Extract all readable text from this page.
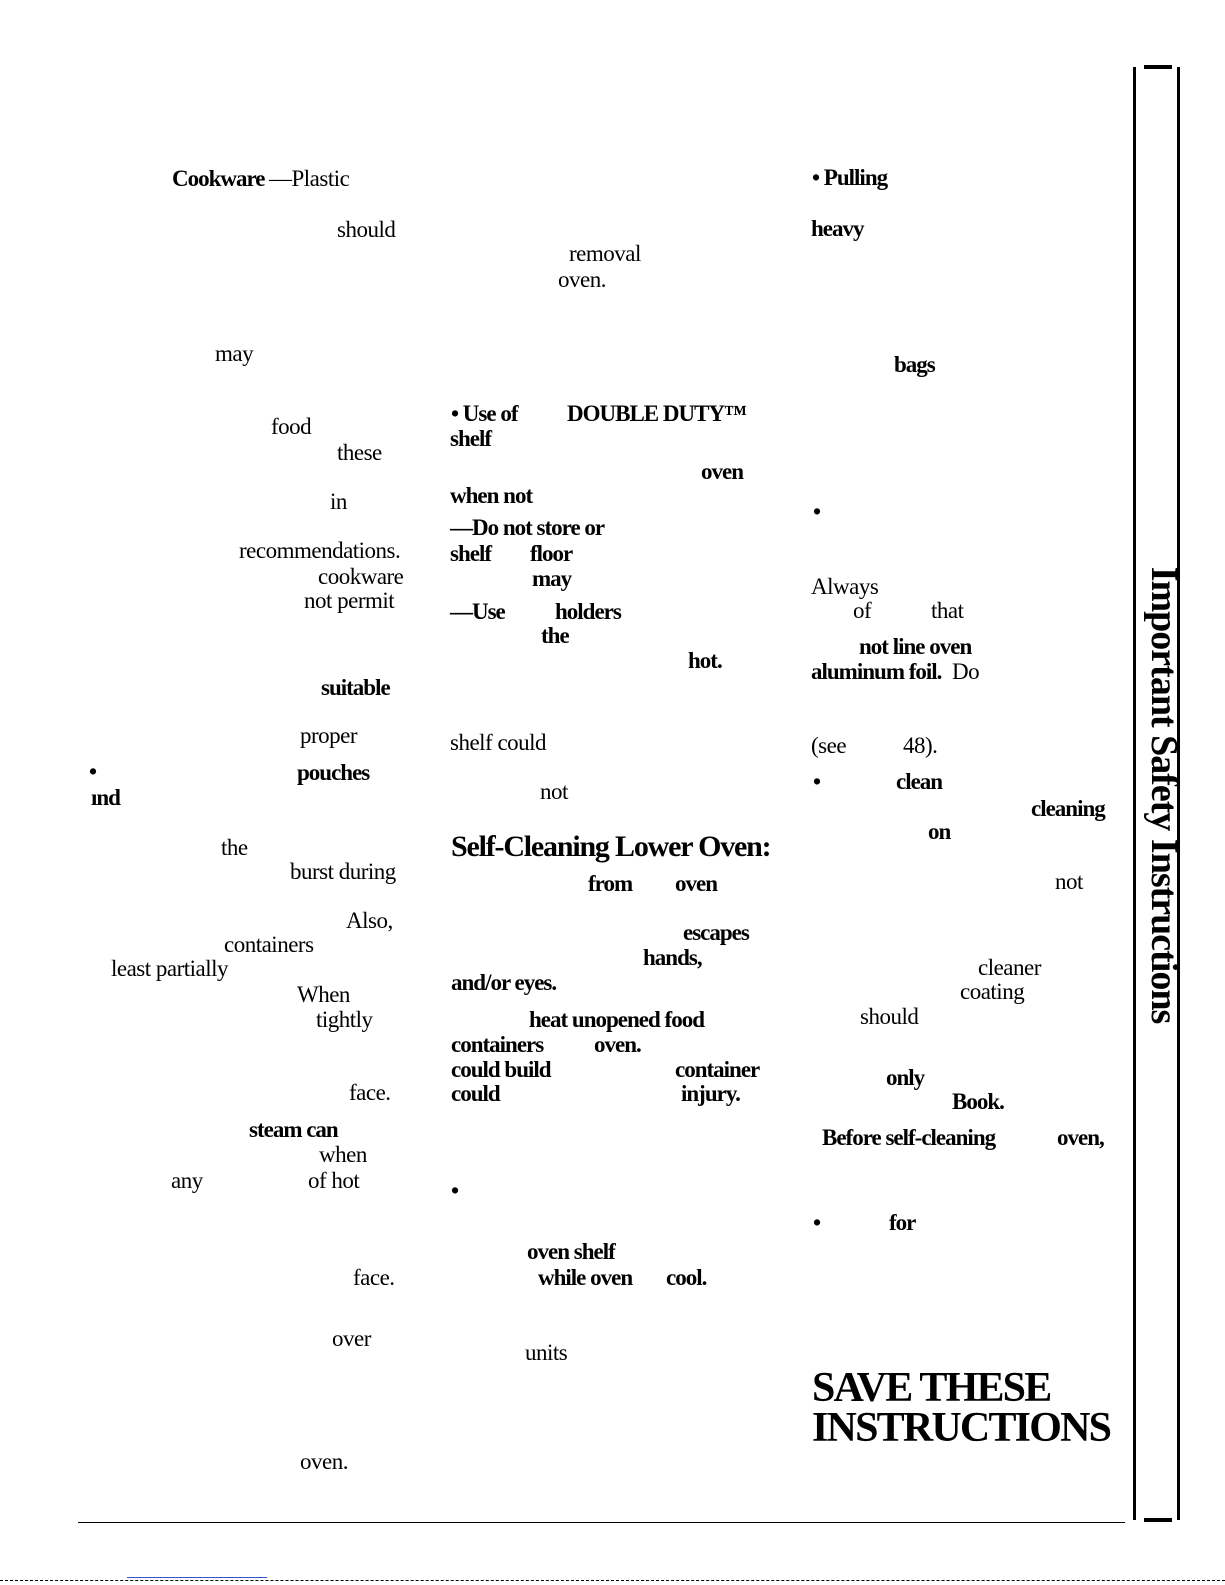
Cookware —Plastic
should
may
food
these
in
recommendations.
cookware
not permit
suitable
proper
•	pouches
ınd
the
burst during
Also,
containers
least partially
When
tightly
face.
steam can
when
any	of hot
face.
over
oven.
removal
oven.
• Use of DOUBLE DUTY™
shelf
oven
when not
—Do not store or
shelf floor
may
—Use holders
the
hot.
shelf could
not
Self-Cleaning Lower Oven:
from oven
escapes
hands,
and/or eyes.
heat unopened food
containers oven.
could build	container
could	injury.
•
oven shelf
while oven cool.
units
• Pulling
heavy
bags
•
Always
of	that
not line oven
aluminum foil. Do
(see 48).
•	clean
cleaning
on
not
cleaner
coating
should
only
Book.
Before self-cleaning	oven,
•	for
SAVE THESE
INSTRUCTIONS
Important Safety Instructions
